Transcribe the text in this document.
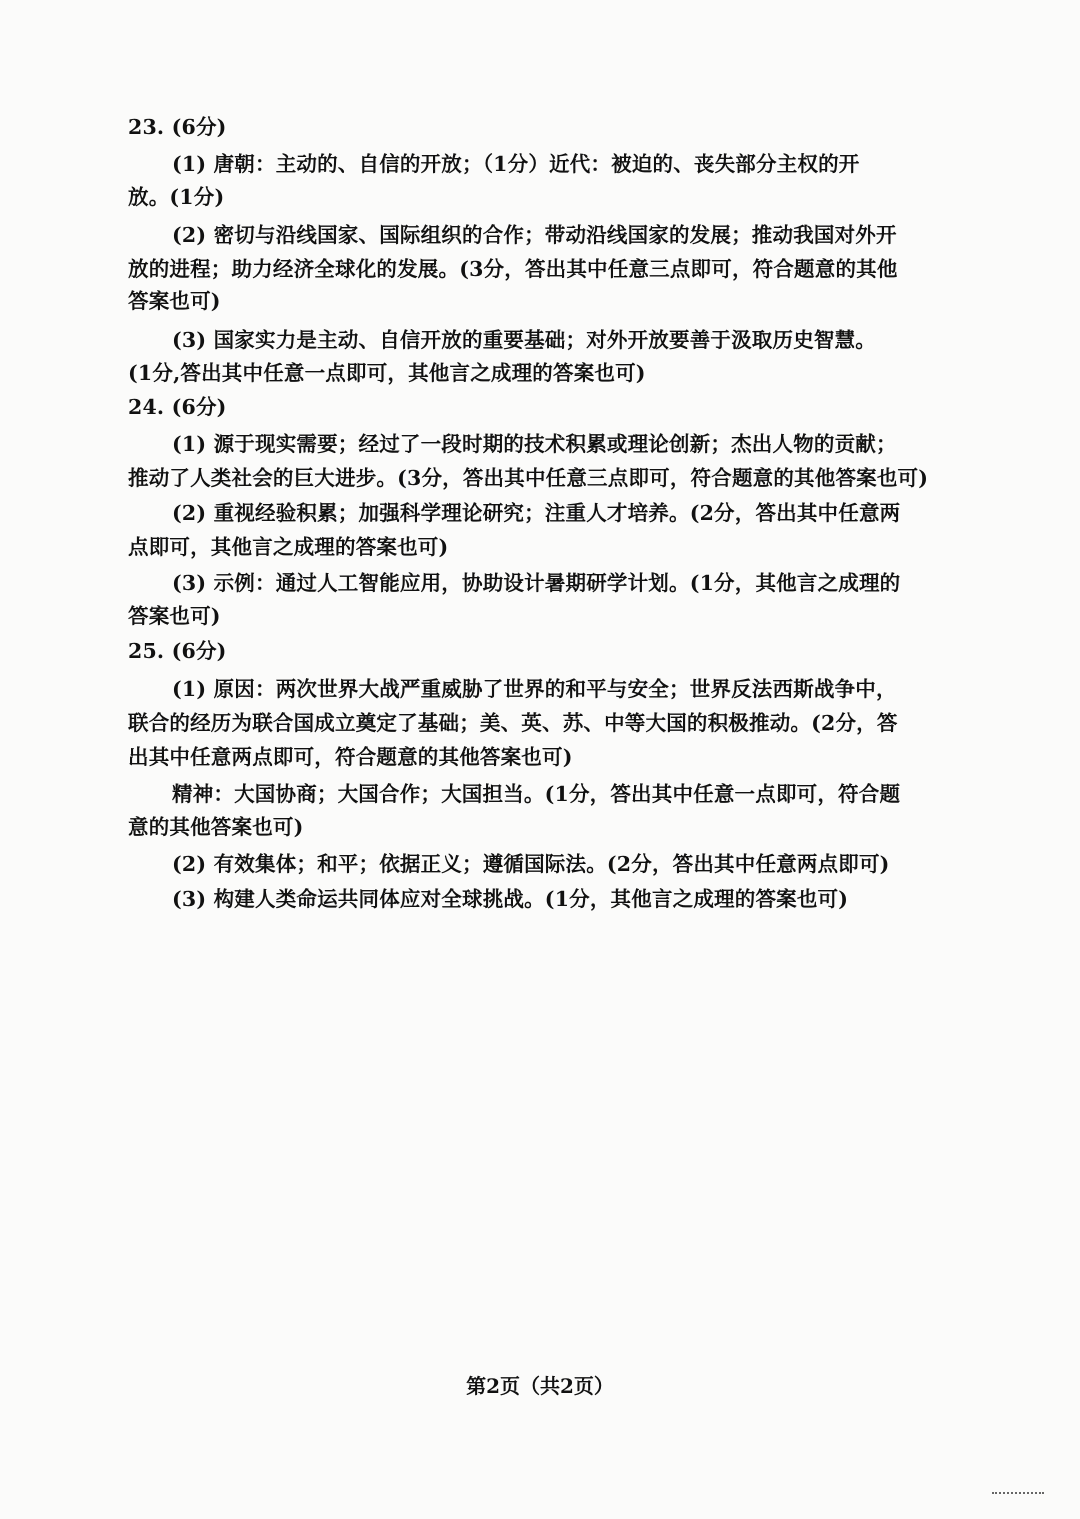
23. (6分)
(1) 唐朝：主动的、自信的开放；（1分）近代：被迫的、丧失部分主权的开
放。(1分)
(2) 密切与沿线国家、国际组织的合作；带动沿线国家的发展；推动我国对外开
放的进程；助力经济全球化的发展。(3分，答出其中任意三点即可，符合题意的其他
答案也可)
(3) 国家实力是主动、自信开放的重要基础；对外开放要善于汲取历史智慧。
(1分,答出其中任意一点即可，其他言之成理的答案也可)
24. (6分)
(1) 源于现实需要；经过了一段时期的技术积累或理论创新；杰出人物的贡献；
推动了人类社会的巨大进步。(3分，答出其中任意三点即可，符合题意的其他答案也可)
(2) 重视经验积累；加强科学理论研究；注重人才培养。(2分，答出其中任意两
点即可，其他言之成理的答案也可)
(3) 示例：通过人工智能应用，协助设计暑期研学计划。(1分，其他言之成理的
答案也可)
25. (6分)
(1) 原因：两次世界大战严重威胁了世界的和平与安全；世界反法西斯战争中，
联合的经历为联合国成立奠定了基础；美、英、苏、中等大国的积极推动。(2分，答
出其中任意两点即可，符合题意的其他答案也可)
精神：大国协商；大国合作；大国担当。(1分，答出其中任意一点即可，符合题
意的其他答案也可)
(2) 有效集体；和平；依据正义；遵循国际法。(2分，答出其中任意两点即可)
(3) 构建人类命运共同体应对全球挑战。(1分，其他言之成理的答案也可)
第2页（共2页）
